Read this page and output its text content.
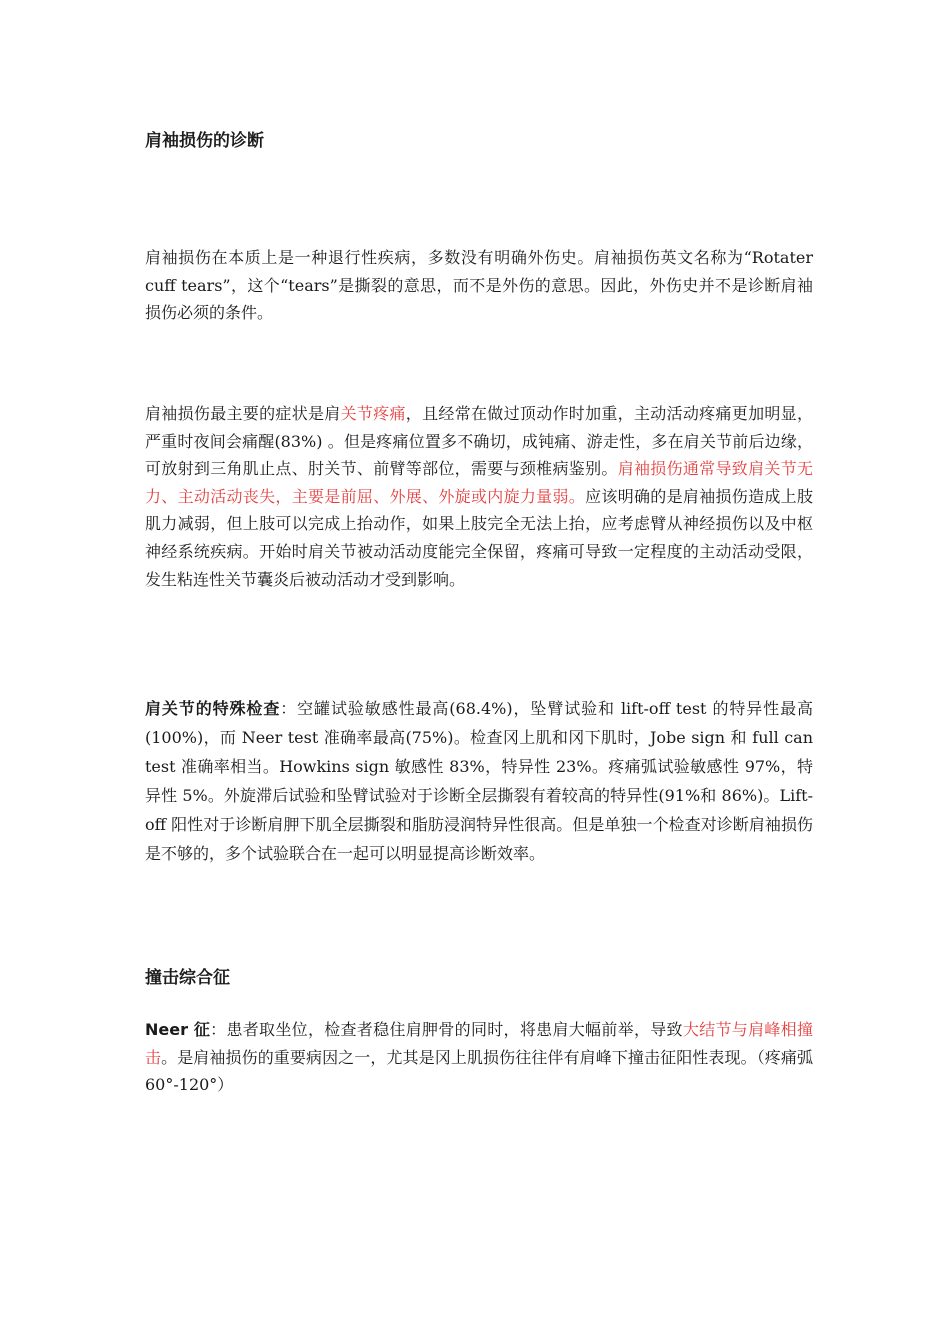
肩袖损伤的诊断
肩袖损伤在本质上是一种退行性疾病，多数没有明确外伤史。肩袖损伤英文名称为“Rotater cuff tears”，这个“tears”是撕裂的意思，而不是外伤的意思。因此，外伤史并不是诊断肩袖损伤必须的条件。
肩袖损伤最主要的症状是肩关节疼痛，且经常在做过顶动作时加重，主动活动疼痛更加明显，严重时夜间会痛醒(83%) 。但是疼痛位置多不确切，成钝痛、游走性，多在肩关节前后边缘，可放射到三角肌止点、肘关节、前臂等部位，需要与颈椎病鉴别。肩袖损伤通常导致肩关节无力、主动活动丧失，主要是前屈、外展、外旋或内旋力量弱。应该明确的是肩袖损伤造成上肢肌力减弱，但上肢可以完成上抬动作，如果上肢完全无法上抬，应考虑臂从神经损伤以及中枢神经系统疾病。开始时肩关节被动活动度能完全保留，疼痛可导致一定程度的主动活动受限，发生粘连性关节囊炎后被动活动才受到影响。
肩关节的特殊检查：空罐试验敏感性最高(68.4%)，坠臂试验和 lift-off test 的特异性最高(100%)，而 Neer test 准确率最高(75%)。检查冈上肌和冈下肌时，Jobe sign 和 full can test 准确率相当。Howkins sign 敏感性 83%，特异性 23%。疼痛弧试验敏感性 97%，特异性 5%。外旋滞后试验和坠臂试验对于诊断全层撕裂有着较高的特异性(91%和 86%)。Lift-off 阳性对于诊断肩胛下肌全层撕裂和脂肪浸润特异性很高。但是单独一个检查对诊断肩袖损伤是不够的，多个试验联合在一起可以明显提高诊断效率。
撞击综合征
Neer 征：患者取坐位，检查者稳住肩胛骨的同时，将患肩大幅前举，导致大结节与肩峰相撞击。是肩袖损伤的重要病因之一，尤其是冈上肌损伤往往伴有肩峰下撞击征阳性表现。（疼痛弧 60°-120°）
